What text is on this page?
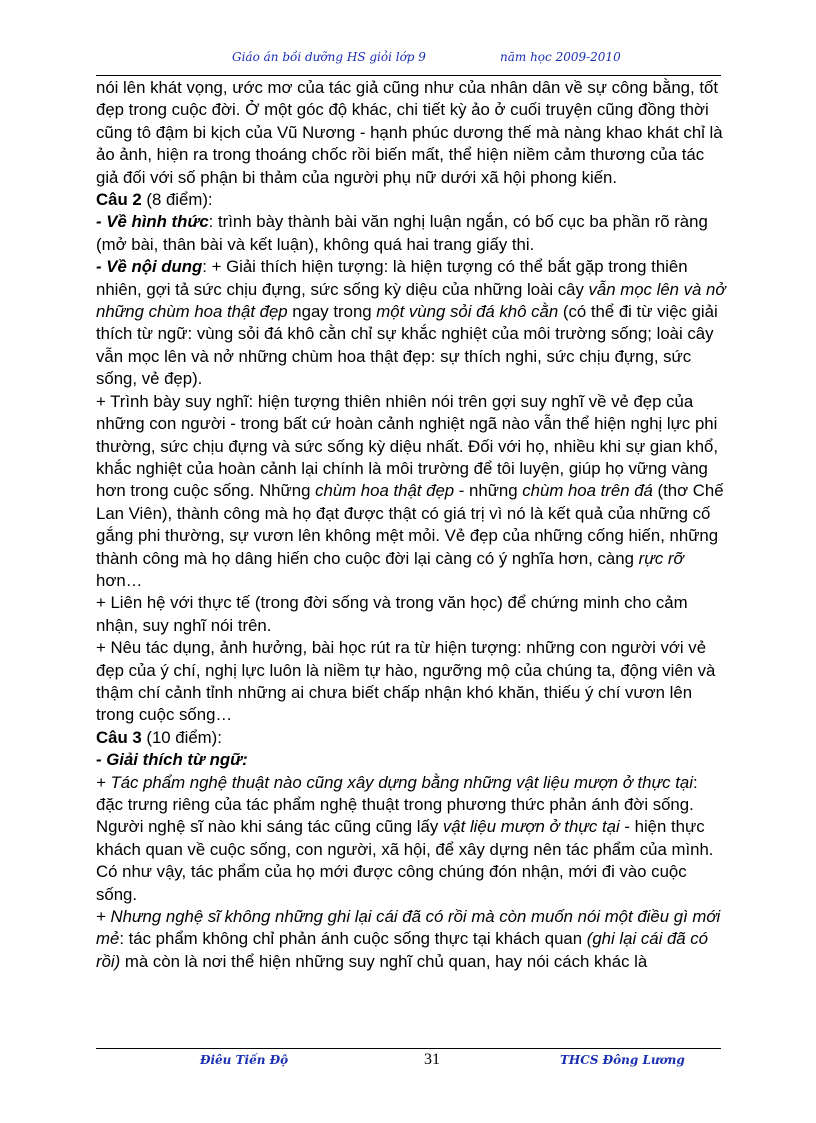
Giáo án bồi dưỡng HS giỏi lớp 9	năm học 2009-2010

nói lên khát vọng, ước mơ của tác giả cũng như của nhân dân về sự công bằng, tốt đẹp trong cuộc đời. Ở một góc độ khác, chi tiết kỳ ảo ở cuối truyện cũng đồng thời cũng tô đậm bi kịch của Vũ Nương - hạnh phúc dương thế mà nàng khao khát chỉ là ảo ảnh, hiện ra trong thoáng chốc rồi biến mất, thể hiện niềm cảm thương của tác giả đối với số phận bi thảm của người phụ nữ dưới xã hội phong kiến.

Câu 2 (8 điểm):

- Về hình thức: trình bày thành bài văn nghị luận ngắn, có bố cục ba phần rõ ràng (mở bài, thân bài và kết luận), không quá hai trang giấy thi.

- Về nội dung: + Giải thích hiện tượng: là hiện tượng có thể bắt gặp trong thiên nhiên, gợi tả sức chịu đựng, sức sống kỳ diệu của những loài cây vẫn mọc lên và nở những chùm hoa thật đẹp ngay trong một vùng sỏi đá khô cằn (có thể đi từ việc giải thích từ ngữ: vùng sỏi đá khô cằn chỉ sự khắc nghiệt của môi trường sống; loài cây vẫn mọc lên và nở những chùm hoa thật đẹp: sự thích nghi, sức chịu đựng, sức sống, vẻ đẹp).

+ Trình bày suy nghĩ: hiện tượng thiên nhiên nói trên gợi suy nghĩ về vẻ đẹp của những con người - trong bất cứ hoàn cảnh nghiệt ngã nào vẫn thể hiện nghị lực phi thường, sức chịu đựng và sức sống kỳ diệu nhất. Đối với họ, nhiều khi sự gian khổ, khắc nghiệt của hoàn cảnh lại chính là môi trường để tôi luyện, giúp họ vững vàng hơn trong cuộc sống. Những chùm hoa thật đẹp - những chùm hoa trên đá (thơ Chế Lan Viên), thành công mà họ đạt được thật có giá trị vì nó là kết quả của những cố gắng phi thường, sự vươn lên không mệt mỏi. Vẻ đẹp của những cống hiến, những thành công mà họ dâng hiến cho cuộc đời lại càng có ý nghĩa hơn, càng rực rỡ hơn…

+ Liên hệ với thực tế (trong đời sống và trong văn học) để chứng minh cho cảm nhận, suy nghĩ nói trên.

+ Nêu tác dụng, ảnh hưởng, bài học rút ra từ hiện tượng: những con người với vẻ đẹp của ý chí, nghị lực luôn là niềm tự hào, ngưỡng mộ của chúng ta, động viên và thậm chí cảnh tỉnh những ai chưa biết chấp nhận khó khăn, thiếu ý chí vươn lên trong cuộc sống…

Câu 3 (10 điểm):

- Giải thích từ ngữ:

+ Tác phẩm nghệ thuật nào cũng xây dựng bằng những vật liệu mượn ở thực tại: đặc trưng riêng của tác phẩm nghệ thuật trong phương thức phản ánh đời sống. Người nghệ sĩ nào khi sáng tác cũng cũng lấy vật liệu mượn ở thực tại - hiện thực khách quan về cuộc sống, con người, xã hội, để xây dựng nên tác phẩm của mình. Có như vậy, tác phẩm của họ mới được công chúng đón nhận, mới đi vào cuộc sống.

+ Nhưng nghệ sĩ không những ghi lại cái đã có rồi mà còn muốn nói một điều gì mới mẻ: tác phẩm không chỉ phản ánh cuộc sống thực tại khách quan (ghi lại cái đã có rồi) mà còn là nơi thể hiện những suy nghĩ chủ quan, hay nói cách khác là

Điêu Tiến Độ	31	THCS Đông Lương
